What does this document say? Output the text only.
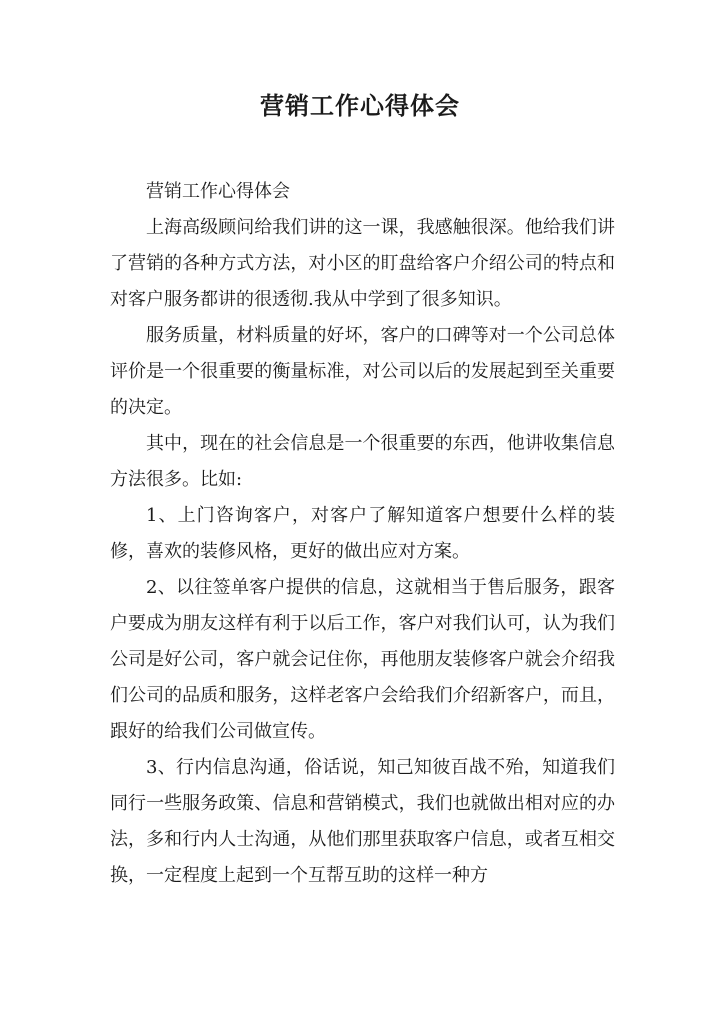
营销工作心得体会

营销工作心得体会

上海高级顾问给我们讲的这一课，我感触很深。他给我们讲了营销的各种方式方法，对小区的盯盘给客户介绍公司的特点和对客户服务都讲的很透彻.我从中学到了很多知识。

服务质量，材料质量的好坏，客户的口碑等对一个公司总体评价是一个很重要的衡量标准，对公司以后的发展起到至关重要的决定。

其中，现在的社会信息是一个很重要的东西，他讲收集信息方法很多。比如:

1、上门咨询客户，对客户了解知道客户想要什么样的装修，喜欢的装修风格，更好的做出应对方案。

2、以往签单客户提供的信息，这就相当于售后服务，跟客户要成为朋友这样有利于以后工作，客户对我们认可，认为我们公司是好公司，客户就会记住你，再他朋友装修客户就会介绍我们公司的品质和服务，这样老客户会给我们介绍新客户，而且，跟好的给我们公司做宣传。

3、行内信息沟通，俗话说，知己知彼百战不殆，知道我们同行一些服务政策、信息和营销模式，我们也就做出相对应的办法，多和行内人士沟通，从他们那里获取客户信息，或者互相交换，一定程度上起到一个互帮互助的这样一种方
